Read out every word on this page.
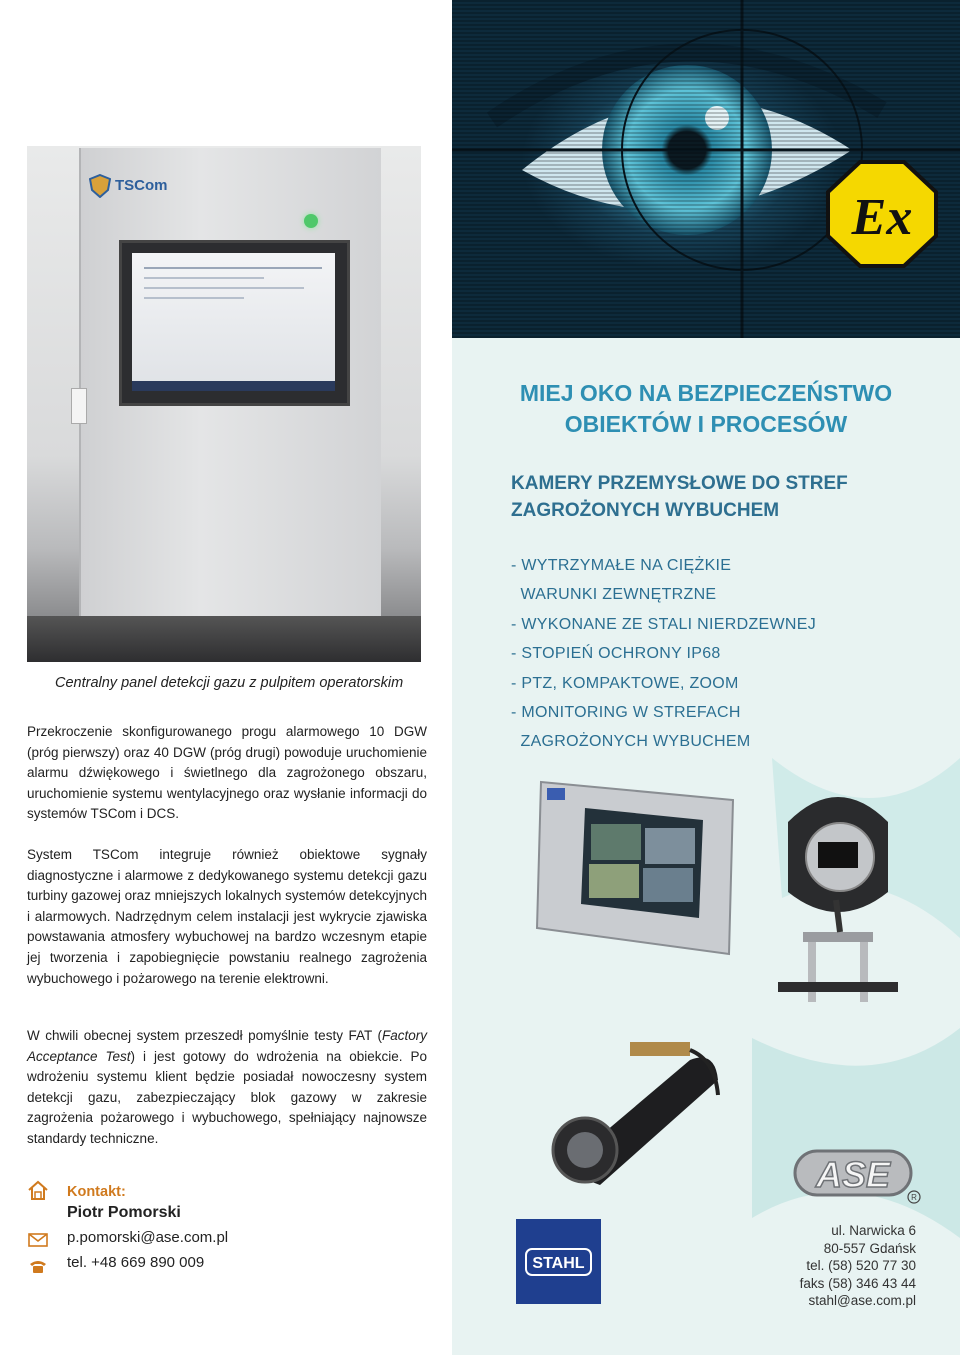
TSCom
Centralny panel detekcji gazu z pulpitem operatorskim
Przekroczenie skonfigurowanego progu alarmowego 10 DGW (próg pierwszy) oraz 40 DGW (próg drugi) powoduje uruchomienie alarmu dźwiękowego i świetlnego dla zagrożonego obszaru, uruchomienie systemu wentylacyjnego oraz wysłanie informacji do systemów TSCom i DCS.
System TSCom integruje również obiektowe sygnały diagnostyczne i alarmowe z dedykowanego systemu detekcji gazu turbiny gazowej oraz mniejszych lokalnych systemów detekcyjnych i alarmowych. Nadrzędnym celem instalacji jest wykrycie zjawiska powstawania atmosfery wybuchowej na bardzo wczesnym etapie jej tworzenia i zapobiegnięcie powstaniu realnego zagrożenia wybuchowego i pożarowego na terenie elektrowni.
W chwili obecnej system przeszedł pomyślnie testy FAT (Factory Acceptance Test) i jest gotowy do wdrożenia na obiekcie. Po wdrożeniu systemu klient będzie posiadał nowoczesny system detekcji gazu, zabezpieczający blok gazowy w zakresie zagrożenia pożarowego i wybuchowego, spełniający najnowsze standardy techniczne.
Kontakt:
Piotr Pomorski
p.pomorski@ase.com.pl
tel. +48 669 890 009
Ex
MIEJ OKO NA BEZPIECZEŃSTWO
OBIEKTÓW I PROCESÓW
KAMERY PRZEMYSŁOWE DO STREF
ZAGROŻONYCH WYBUCHEM
- WYTRZYMAŁE NA CIĘŻKIE
WARUNKI ZEWNĘTRZNE
- WYKONANE ZE STALI NIERDZEWNEJ
- STOPIEŃ OCHRONY IP68
- PTZ, KOMPAKTOWE, ZOOM
- MONITORING W STREFACH
ZAGROŻONYCH WYBUCHEM
ASE
R
STAHL
ul. Narwicka 6
80-557 Gdańsk
tel. (58) 520 77 30
faks (58) 346 43 44
stahl@ase.com.pl
